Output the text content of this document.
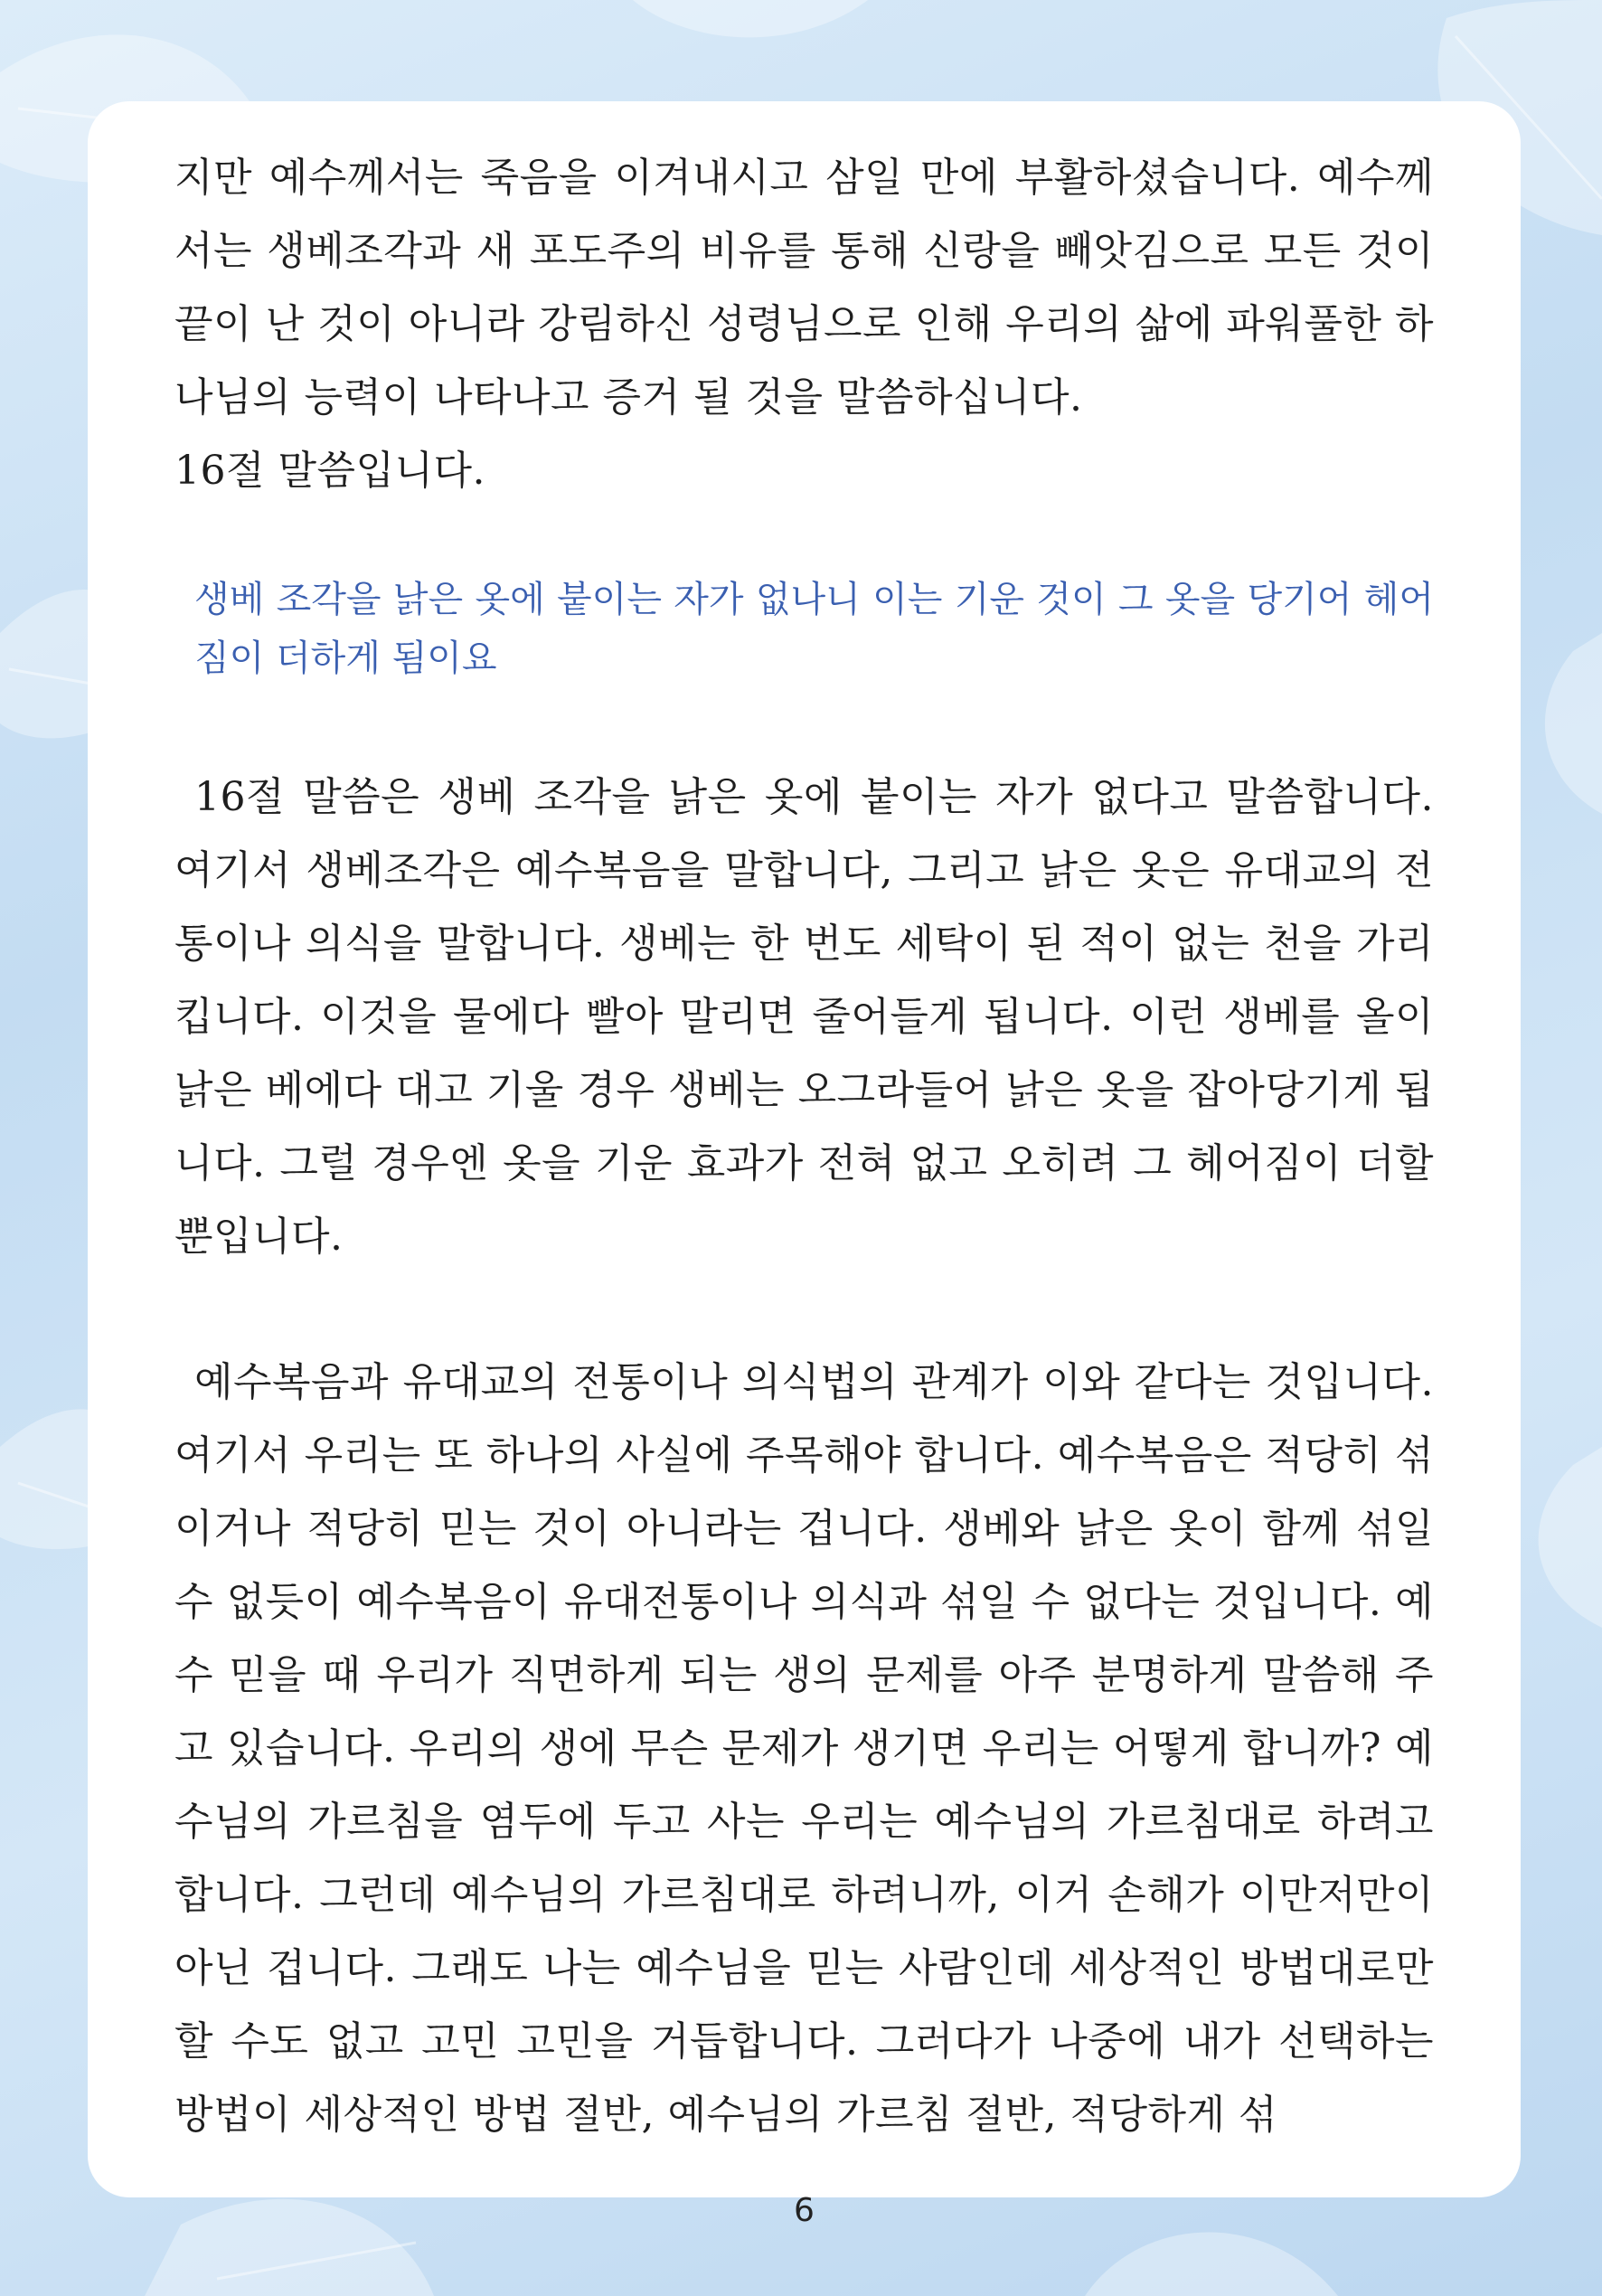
지만 예수께서는 죽음을 이겨내시고 삼일 만에 부활하셨습니다. 예수께서는 생베조각과 새 포도주의 비유를 통해 신랑을 빼앗김으로 모든 것이 끝이 난 것이 아니라 강림하신 성령님으로 인해 우리의 삶에 파워풀한 하나님의 능력이 나타나고 증거 될 것을 말씀하십니다.

16절 말씀입니다.

생베 조각을 낡은 옷에 붙이는 자가 없나니 이는 기운 것이 그 옷을 당기어 헤어짐이 더하게 됨이요

16절 말씀은 생베 조각을 낡은 옷에 붙이는 자가 없다고 말씀합니다. 여기서 생베조각은 예수복음을 말합니다, 그리고 낡은 옷은 유대교의 전통이나 의식을 말합니다. 생베는 한 번도 세탁이 된 적이 없는 천을 가리킵니다. 이것을 물에다 빨아 말리면 줄어들게 됩니다. 이런 생베를 올이 낡은 베에다 대고 기울 경우 생베는 오그라들어 낡은 옷을 잡아당기게 됩니다. 그럴 경우엔 옷을 기운 효과가 전혀 없고 오히려 그 헤어짐이 더할 뿐입니다.

예수복음과 유대교의 전통이나 의식법의 관계가 이와 같다는 것입니다. 여기서 우리는 또 하나의 사실에 주목해야 합니다. 예수복음은 적당히 섞이거나 적당히 믿는 것이 아니라는 겁니다. 생베와 낡은 옷이 함께 섞일 수 없듯이 예수복음이 유대전통이나 의식과 섞일 수 없다는 것입니다. 예수 믿을 때 우리가 직면하게 되는 생의 문제를 아주 분명하게 말씀해 주고 있습니다. 우리의 생에 무슨 문제가 생기면 우리는 어떻게 합니까? 예수님의 가르침을 염두에 두고 사는 우리는 예수님의 가르침대로 하려고 합니다. 그런데 예수님의 가르침대로 하려니까, 이거 손해가 이만저만이 아닌 겁니다. 그래도 나는 예수님을 믿는 사람인데 세상적인 방법대로만 할 수도 없고 고민 고민을 거듭합니다. 그러다가 나중에 내가 선택하는 방법이 세상적인 방법 절반, 예수님의 가르침 절반, 적당하게 섞

6
